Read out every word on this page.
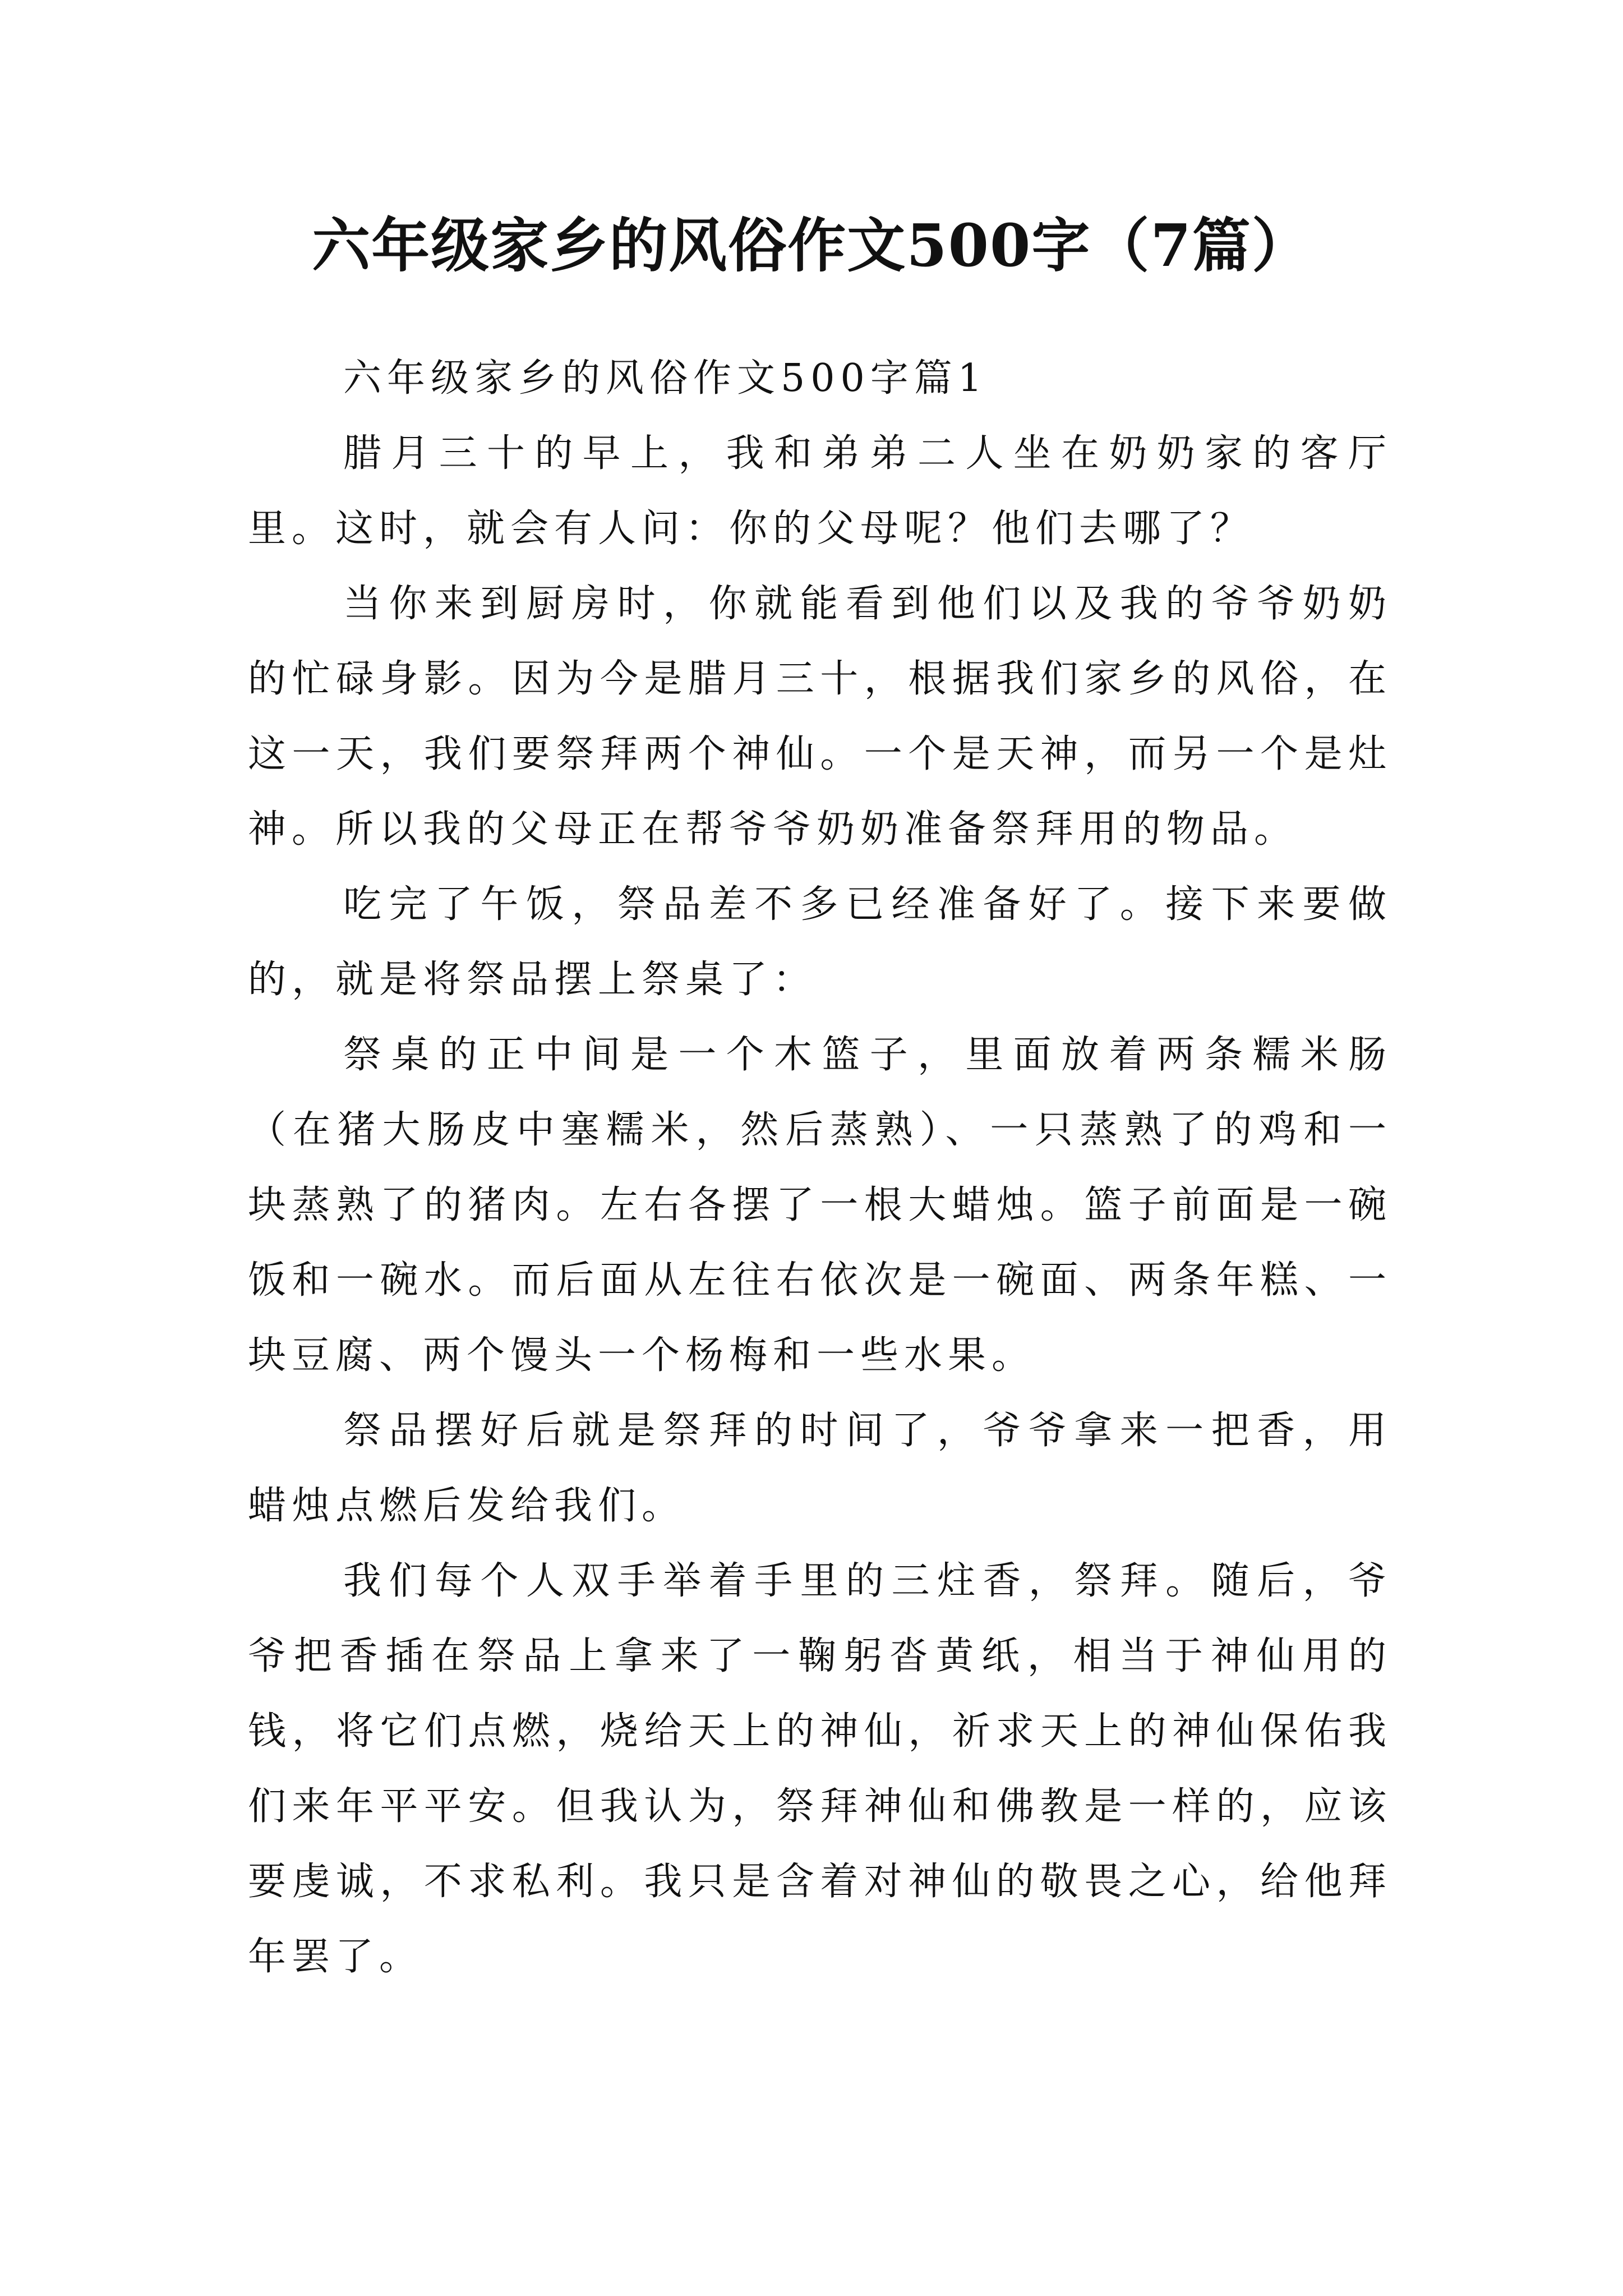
六年级家乡的风俗作文500字（7篇）

六年级家乡的风俗作文500字篇1

腊月三十的早上，我和弟弟二人坐在奶奶家的客厅里。这时，就会有人问：你的父母呢？他们去哪了？

当你来到厨房时，你就能看到他们以及我的爷爷奶奶的忙碌身影。因为今是腊月三十，根据我们家乡的风俗，在这一天，我们要祭拜两个神仙。一个是天神，而另一个是灶神。所以我的父母正在帮爷爷奶奶准备祭拜用的物品。

吃完了午饭，祭品差不多已经准备好了。接下来要做的，就是将祭品摆上祭桌了：

祭桌的正中间是一个木篮子，里面放着两条糯米肠（在猪大肠皮中塞糯米，然后蒸熟）、一只蒸熟了的鸡和一块蒸熟了的猪肉。左右各摆了一根大蜡烛。篮子前面是一碗饭和一碗水。而后面从左往右依次是一碗面、两条年糕、一块豆腐、两个馒头一个杨梅和一些水果。

祭品摆好后就是祭拜的时间了，爷爷拿来一把香，用蜡烛点燃后发给我们。

我们每个人双手举着手里的三炷香，祭拜。随后，爷爷把香插在祭品上拿来了一鞠躬沓黄纸，相当于神仙用的钱，将它们点燃，烧给天上的神仙，祈求天上的神仙保佑我们来年平平安。但我认为，祭拜神仙和佛教是一样的，应该要虔诚，不求私利。我只是含着对神仙的敬畏之心，给他拜年罢了。
